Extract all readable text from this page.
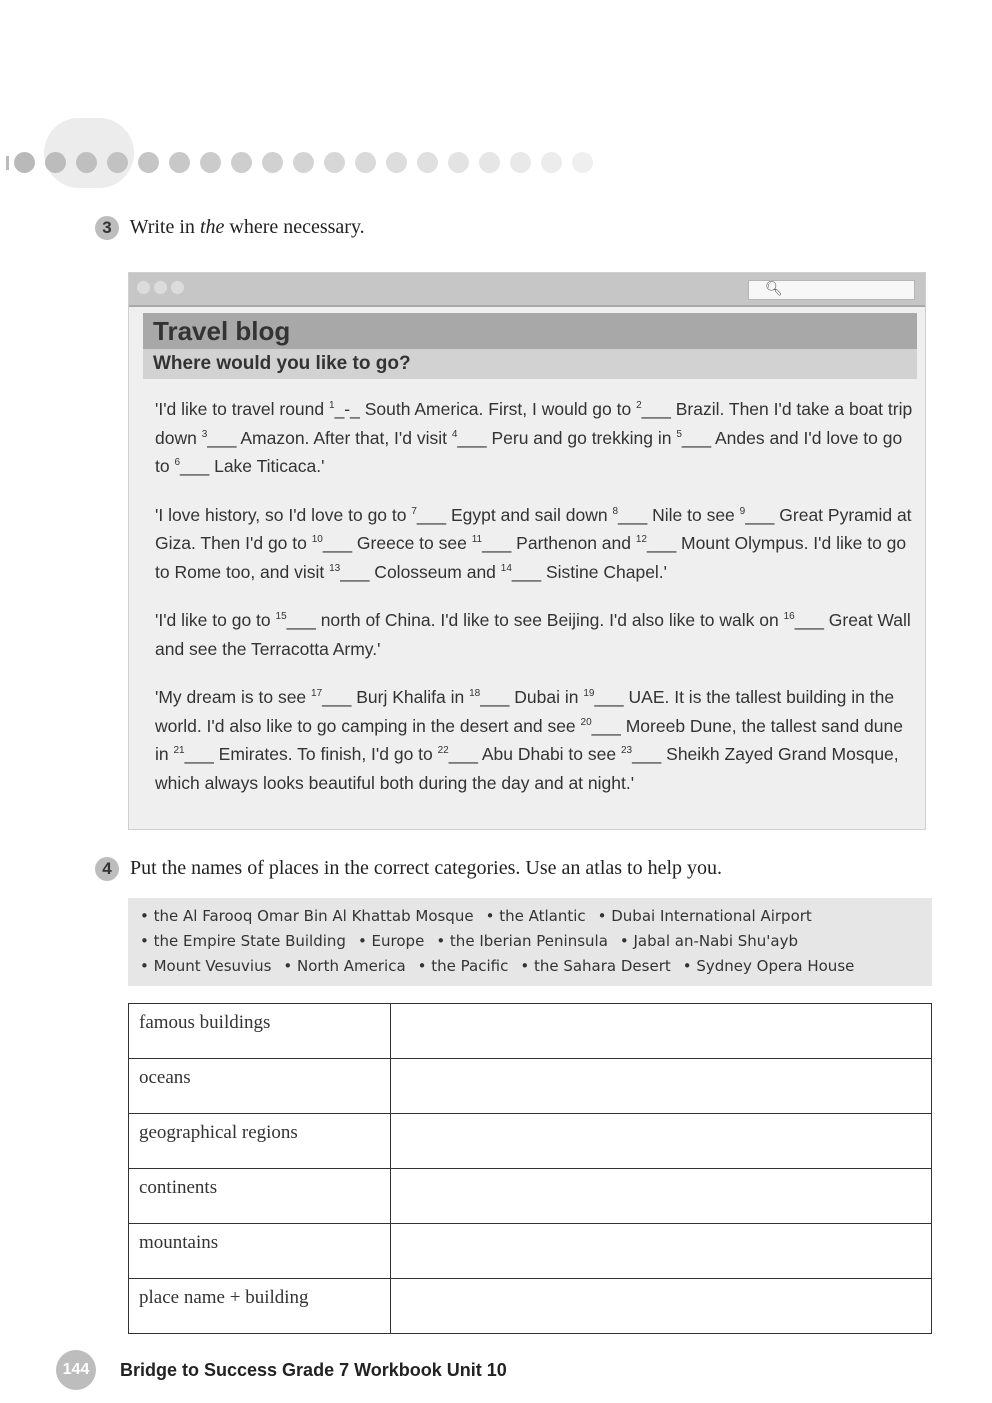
3 Write in the where necessary.
🔍︎
Travel blog
Where would you like to go?

'I'd like to travel round $^1$_-_ South America. First, I would go to $^2$___ Brazil. Then I'd take a boat trip down $^3$___ Amazon. After that, I'd visit $^4$___ Peru and go trekking in $^5$___ Andes and I'd love to go to $^6$___ Lake Titicaca.'

'I love history, so I'd love to go to $^7$___ Egypt and sail down $^8$___ Nile to see $^9$___ Great Pyramid at Giza. Then I'd go to $^{10}$___ Greece to see $^{11}$___ Parthenon and $^{12}$___ Mount Olympus. I'd like to go to Rome too, and visit $^{13}$___ Colosseum and $^{14}$___ Sistine Chapel.'

'I'd like to go to $^{15}$___ north of China. I'd like to see Beijing. I'd also like to walk on $^{16}$___ Great Wall and see the Terracotta Army.'

'My dream is to see $^{17}$___ Burj Khalifa in $^{18}$___ Dubai in $^{19}$___ UAE. It is the tallest building in the world. I'd also like to go camping in the desert and see $^{20}$___ Moreeb Dune, the tallest sand dune in $^{21}$___ Emirates. To finish, I'd go to $^{22}$___ Abu Dhabi to see $^{23}$___ Sheikh Zayed Grand Mosque, which always looks beautiful both during the day and at night.'

4 Put the names of places in the correct categories. Use an atlas to help you.
• the Al Farooq Omar Bin Al Khattab Mosque • the Atlantic • Dubai International Airport
• the Empire State Building • Europe • the Iberian Peninsula • Jabal an-Nabi Shu'ayb
• Mount Vesuvius • North America • the Pacific • the Sahara Desert • Sydney Opera House
famous buildings	
oceans	
geographical regions	
continents	
mountains	
place name + building	
144	Bridge to Success Grade 7 Workbook Unit 10
